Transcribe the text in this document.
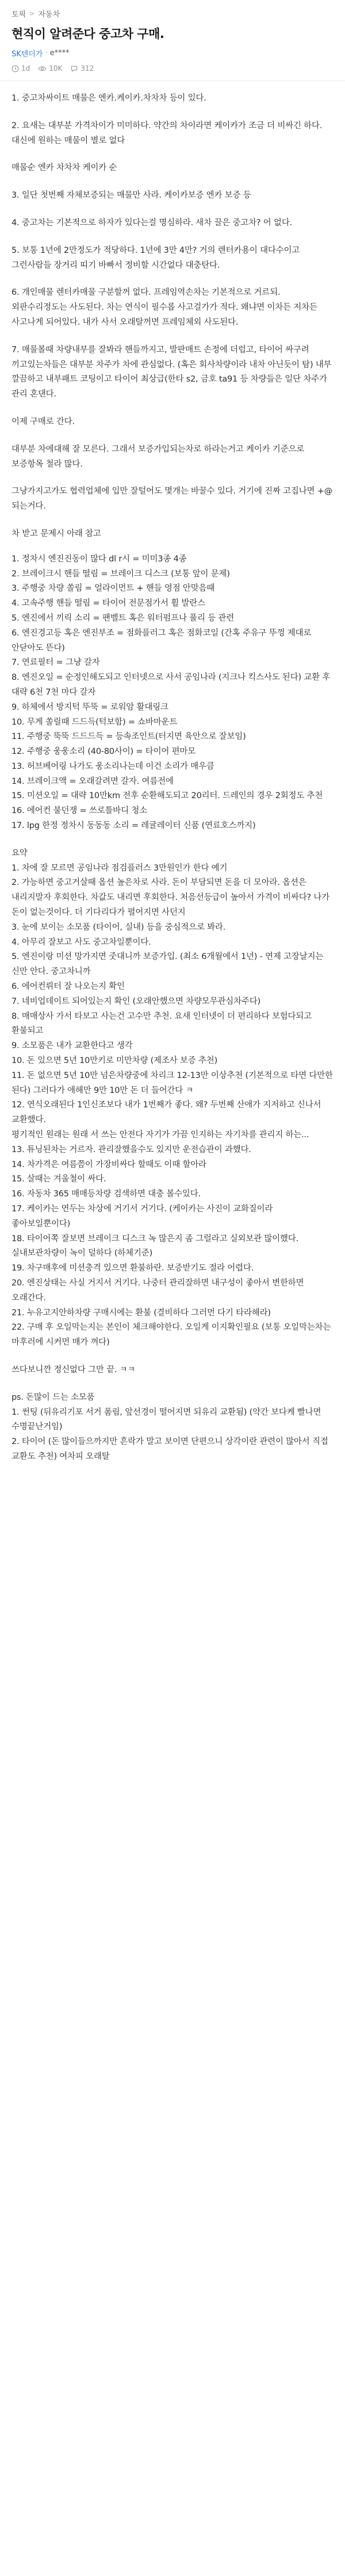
토픽 > 자동차
현직이 알려준다 중고차 구매.
SK텐더가 · e****
1d	10K	312

1. 중고차싸이트 매물은 엔카.케이카.차차차 등이 있다.

2. 요새는 대부분 가격차이가 미미하다. 약간의 차이라면 케이카가 조금 더 비싸긴 하다. 대신에 원하는 매물이 별로 없다

매물순 엔카 차차차 케이카 순

3. 일단 첫번째 자체보증되는 매물만 사라. 케이카보증 엔카 보증 등

4. 중고차는 기본적으로 하자가 있다는걸 명심하라. 새차 끌은 중고차? 어 없다.

5. 보통 1년에 2만정도가 적당하다. 1년에 3만 4만? 거의 렌터카용이 대다수이고 그런사람들 장거리 띠기 바빠서 정비할 시간없다 대충탄다.

6. 개인매물 렌터카매물 구분할꺼 없다. 프레임역손차는 기본적으로 거르되. 외판수리정도는 사도된다. 차는 연식이 필수롭 사고걸가가 적다. 왜냐면 이차든 저차든 사고나게 되어있다. 내가 사서 오래탈꺼면 프레임체외 사도된다.

7. 매물볼때 차량내부를 잘봐라 핸들까지고, 발판매트 손정에 더럽고, 타이어 싸구려 끼고있는차들은 대부분 차주가 차에 관심없다. (혹은 회사차량이라 내차 아닌듯이 탐) 내부 깔끔하고 내부패트 코팅이고 타이어 최상급(한타 s2, 금호 ta91 등 차량들은 일단 차주가 관리 혼댄다.

이제 구매로 간다.

대부분 차에대해 잘 모른다. 그래서 보증가입되는차로 하라는거고 케이카 기준으로 보증항목 철라 많다.

그냥가지고가도 협력업체에 입만 잘털어도 몇개는 바꿀수 있다. 거기에 진짜 고집나면 +@ 되는거다.

차 받고 문제시 아래 참고

1. 정차시 엔진진동이 많다 dl r시 = 미미3종 4종
2. 브레이크시 핸들 떨림 = 브레이크 디스크 (보통 앞이 문제)
3. 주행중 차량 쏠림 = 얼라이먼트 + 핸들 영점 안맞음때
4. 고속주행 핸들 떨림 = 타이어 전문점가서 휠 발란스
5. 엔진에서 끼릭 소리 = 팬벨트 혹은 워터펌프나 풀리 등 관련
6. 엔진경고등 혹은 엔진부조 = 점화플러그 혹은 점화코일 (간혹 주유구 뚜껑 제대로 안닫아도 뜬다)
7. 연료필터 = 그냥 갈자
8. 엔진오일 = 순정인해도되고 인터넷으로 사서 공임나라 (지크나 킥스사도 된다) 교환 후 대략 6천 7천 마다 갈자
9. 하체에서 방지턱 뚜뚝 = 로워암 활대링크
10. 무게 쏠릴때 드드득(턱보함) = 쇼바마운트
11. 주행중 뚝뚝 드드드득 = 등속조인트(터지면 육안으로 잘보임)
12. 주행중 웅웅소리 (40-80사이) = 타이어 편마모
13. 허브베어링 나가도 웅소리나는데 이건 소리가 매우큼
14. 브레이크액 = 오래갈려면 갈자. 여름전에
15. 미션오일 = 대략 10만km 전후 순환해도되고 20리터. 드레인의 경우 2회정도 추천
16. 에어컨 불던쟁 = 쓰로틀바디 청소
17. lpg 한정 정차시 동동동 소리 = 레귤레이터 신품 (연료호스까지)

요약
1. 차에 잘 모르면 공임나라 점검플러스 3만원인가 한다 예기
2. 가능하면 중고거살때 옵션 높은차로 사라. 돈이 부담되면 돈을 더 모아라. 옵션은 내리지말자 후회한다. 차값도 내리면 후회한다. 처음선등급이 높아서 가격이 비싸다? 나가 돈이 없는것이다. 더 기다리다가 펼어지면 사던지
3. 눈에 보이는 소모품 (타이어, 실내) 등을 중심적으로 봐라.
4. 아무리 잘보고 사도 중고차일뿐이다.
5. 엔진이랑 미션 망가지면 줏대니까 보증가입. (최소 6개월에서 1년) - 연제 고장날지는 신만 안다. 중고차니까
6. 에어컨뤼터 잘 나오는지 확인
7. 네비업데이트 되어있는지 확인 (오래안했으면 차량모무관심차주다)
8. 매매상사 가서 타보고 사는건 고수만 추천. 요새 인터넷이 더 편리하다 보험다되고 환불되고
9. 소모품은 내가 교환한다고 생각
10. 돈 있으면 5년 10만키로 미만차량 (제조사 보증 추천)
11. 돈 없으면 5년 10만 넘은차량중에 차리크 12-13만 이상추천 (기본적으로 타면 다만한 된다) 그러다가 애해만 9만 10만 돈 더 들어간다 ㅋ
12. 연식오래된다 1인신조보다 내가 1번째가 좋다. 왜? 두번째 산애가 지저하고 신나서 교환했다.
평기적인 원래는 원래 서 쓰는 안전다 자기가 가끔 인지하는 자기차를 관리지 하는...
13. 튜닝된차는 거르자. 관리잘했을수도 있지만 운전습관이 과했다.
14. 차가격은 여름쯤이 가장비싸다 할때도 이때 할아라
15. 살때는 겨울철이 싸다.
16. 자동차 365 매매등차량 검색하면 대충 볼수있다.
17. 케이카는 연두는 차상에 거기서 거기다. (케이카는 사진이 교화질이라 좋아보일뿐이다)
18. 타이어쪽 잘보면 브레이크 디스크 녹 많은지 좀 그럴라고 실외보관 많이했다. 실내보관차량이 녹이 덜하다 (하체기준)
19. 차구매후에 미션충격 있으면 환불하란. 보증받기도 절라 어렵다.
20. 엔진상태는 사실 거지서 거기다. 나중터 관리잘하면 내구성이 좋아서 변한하면 오래간다.
21. 누유고지안하차량 구매시에는 환불 (결비하다 그러먼 다기 타라해라)
22. 구매 후 오일막는지는 본인이 체크해야한다. 오일게 이지확인필요 (보통 오일막는차는 마후러에 시커먼 매가 껴다)

쓰다보니깐 정신없다 그만 끝. ㅋㅋ

ps. 돈많이 드는 소모품
1. 썬팅 (뒤유리기포 서거 폼림, 앞선경이 떨어지면 되유리 교환됨) (약간 보다케 빨나면 수명끝난거임)
2. 타이어 (돈 많이들으까지만 흔락가 말고 보이면 단편으니 상각이란 관련이 많아서 직접 교환도 추천) 여차피 오래탈
